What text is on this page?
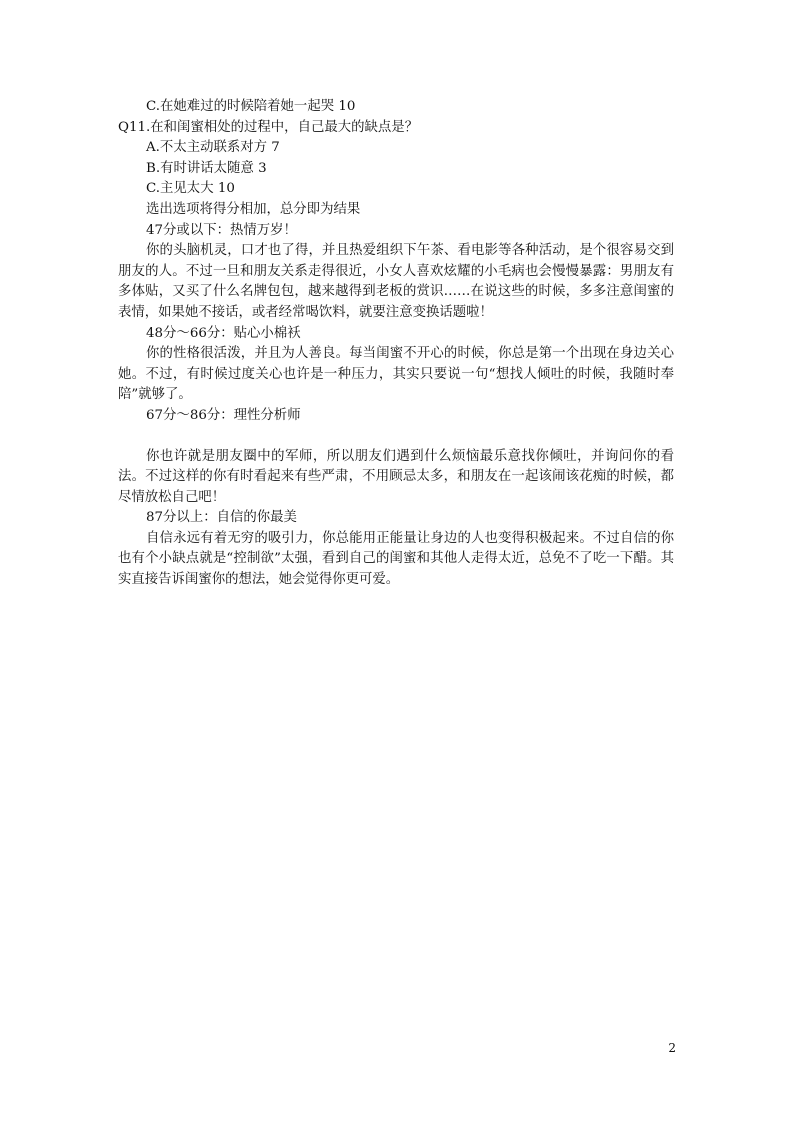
C.在她难过的时候陪着她一起哭 10
Q11.在和闺蜜相处的过程中，自己最大的缺点是？
A.不太主动联系对方 7
B.有时讲话太随意 3
C.主见太大 10
选出选项将得分相加，总分即为结果
47分或以下：热情万岁！
你的头脑机灵，口才也了得，并且热爱组织下午茶、看电影等各种活动，是个很容易交到朋友的人。不过一旦和朋友关系走得很近，小女人喜欢炫耀的小毛病也会慢慢暴露：男朋友有多体贴，又买了什么名牌包包，越来越得到老板的赏识……在说这些的时候，多多注意闺蜜的表情，如果她不接话，或者经常喝饮料，就要注意变换话题啦！
48分～66分：贴心小棉袄
你的性格很活泼，并且为人善良。每当闺蜜不开心的时候，你总是第一个出现在身边关心她。不过，有时候过度关心也许是一种压力，其实只要说一句“想找人倾吐的时候，我随时奉陪”就够了。
67分～86分：理性分析师
你也许就是朋友圈中的军师，所以朋友们遇到什么烦恼最乐意找你倾吐，并询问你的看法。不过这样的你有时看起来有些严肃，不用顾忌太多，和朋友在一起该闹该花痴的时候，都尽情放松自己吧！
87分以上：自信的你最美
自信永远有着无穷的吸引力，你总能用正能量让身边的人也变得积极起来。不过自信的你也有个小缺点就是“控制欲”太强，看到自己的闺蜜和其他人走得太近，总免不了吃一下醋。其实直接告诉闺蜜你的想法，她会觉得你更可爱。
2
